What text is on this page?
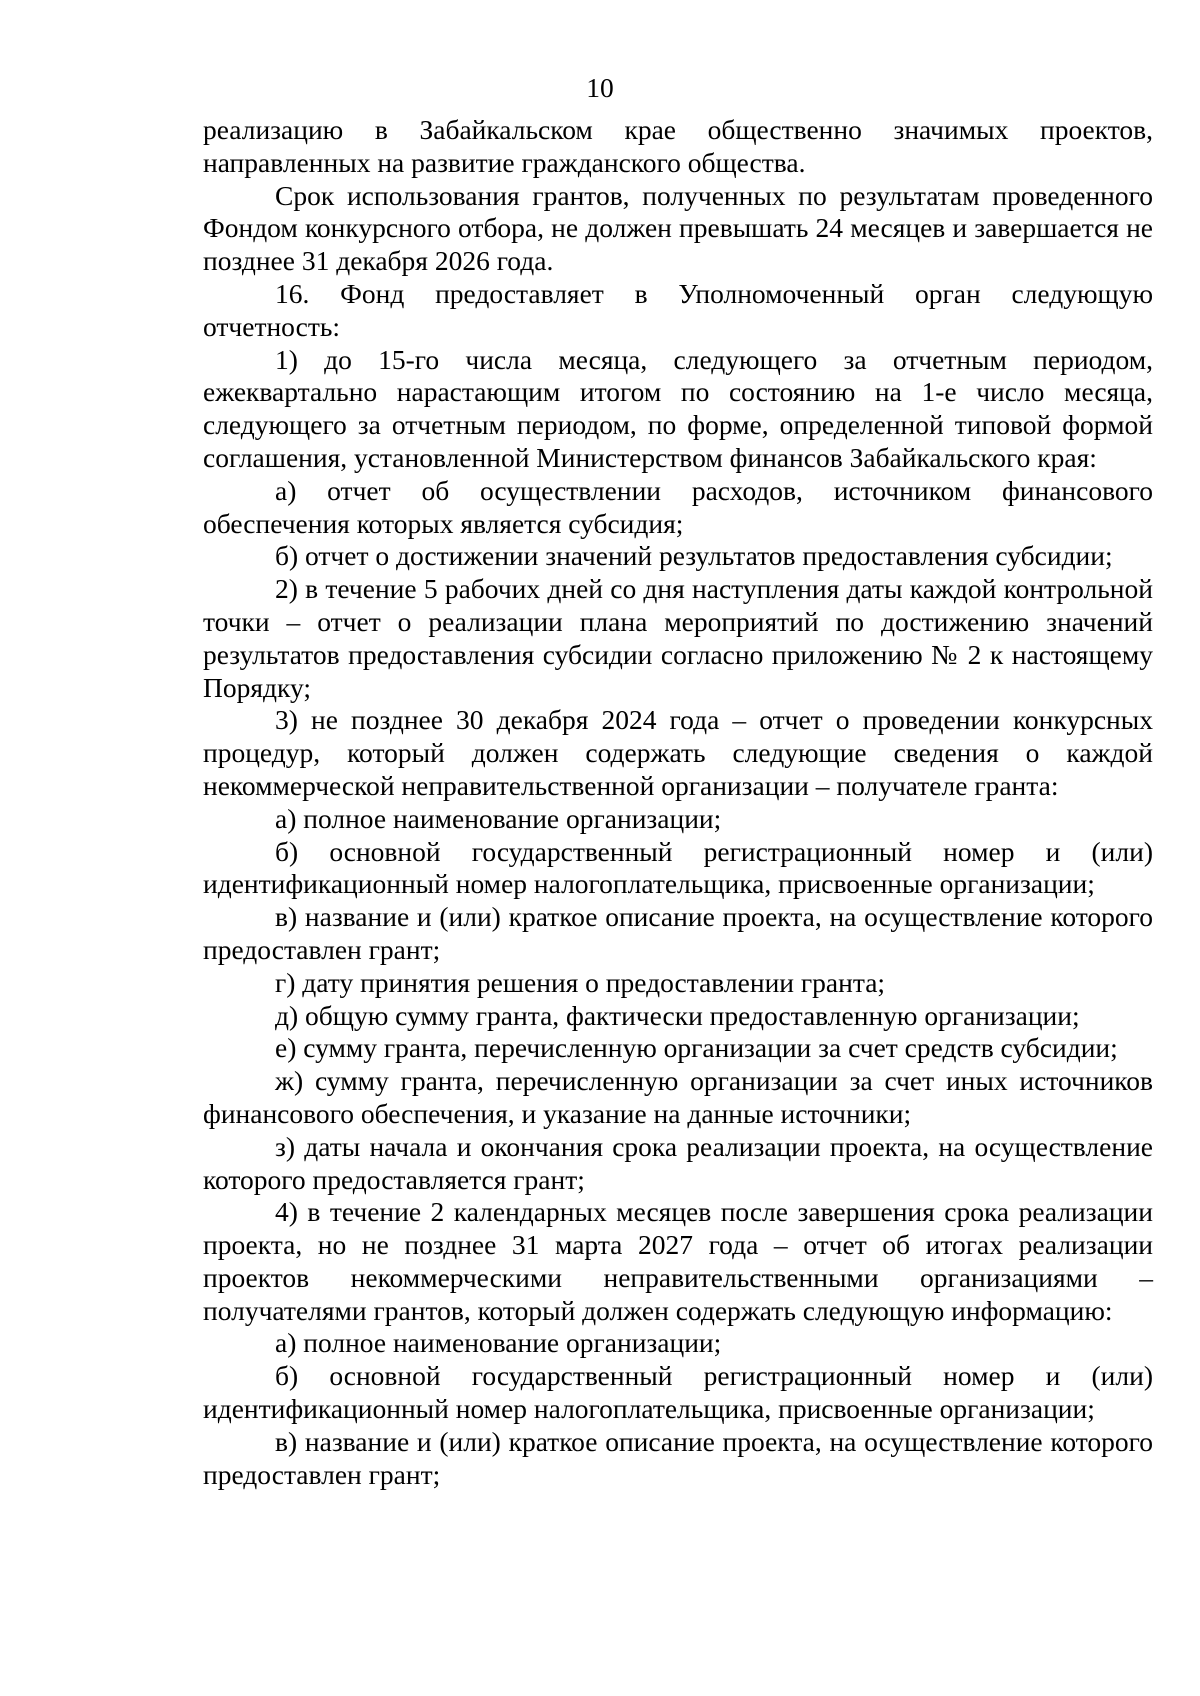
10

реализацию в Забайкальском крае общественно значимых проектов, направленных на развитие гражданского общества.

Срок использования грантов, полученных по результатам проведенного Фондом конкурсного отбора, не должен превышать 24 месяцев и завершается не позднее 31 декабря 2026 года.

16. Фонд предоставляет в Уполномоченный орган следующую отчетность:

1) до 15-го числа месяца, следующего за отчетным периодом, ежеквартально нарастающим итогом по состоянию на 1-е число месяца, следующего за отчетным периодом, по форме, определенной типовой формой соглашения, установленной Министерством финансов Забайкальского края:

а) отчет об осуществлении расходов, источником финансового обеспечения которых является субсидия;

б) отчет о достижении значений результатов предоставления субсидии;

2) в течение 5 рабочих дней со дня наступления даты каждой контрольной точки – отчет о реализации плана мероприятий по достижению значений результатов предоставления субсидии согласно приложению № 2 к настоящему Порядку;

3) не позднее 30 декабря 2024 года – отчет о проведении конкурсных процедур, который должен содержать следующие сведения о каждой некоммерческой неправительственной организации – получателе гранта:

а) полное наименование организации;

б) основной государственный регистрационный номер и (или) идентификационный номер налогоплательщика, присвоенные организации;

в) название и (или) краткое описание проекта, на осуществление которого предоставлен грант;

г) дату принятия решения о предоставлении гранта;

д) общую сумму гранта, фактически предоставленную организации;

е) сумму гранта, перечисленную организации за счет средств субсидии;

ж) сумму гранта, перечисленную организации за счет иных источников финансового обеспечения, и указание на данные источники;

з) даты начала и окончания срока реализации проекта, на осуществление которого предоставляется грант;

4) в течение 2 календарных месяцев после завершения срока реализации проекта, но не позднее 31 марта 2027 года – отчет об итогах реализации проектов некоммерческими неправительственными организациями – получателями грантов, который должен содержать следующую информацию:

а) полное наименование организации;

б) основной государственный регистрационный номер и (или) идентификационный номер налогоплательщика, присвоенные организации;

в) название и (или) краткое описание проекта, на осуществление которого предоставлен грант;
